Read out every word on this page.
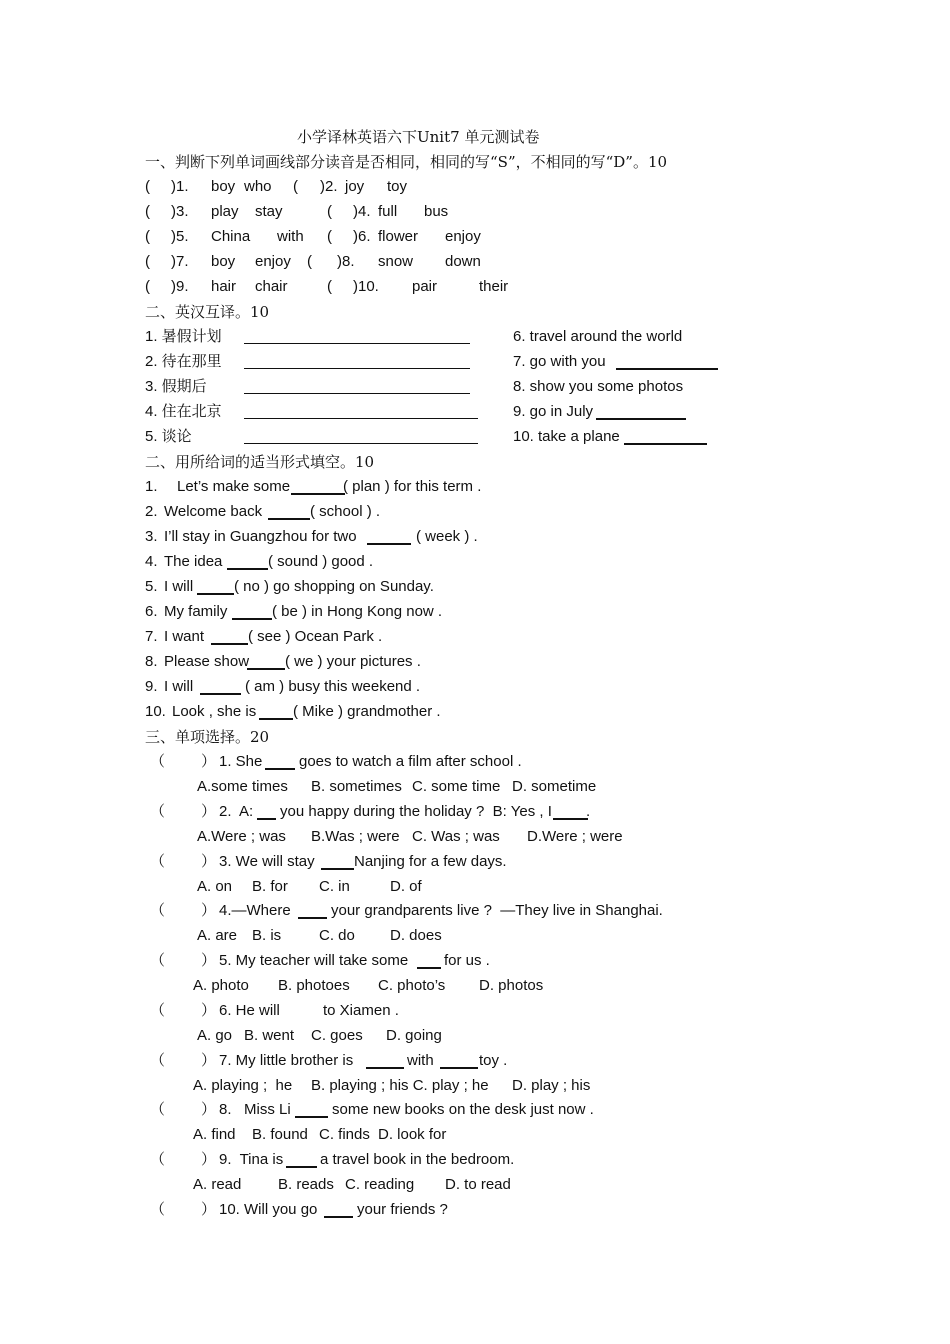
小学译林英语六下Unit7 单元测试卷
一、判断下列单词画线部分读音是否相同，相同的写“S”，不相同的写“D”。10
( )1. boy who ( )2. joy toy
( )3. play stay	( )4. full bus
( )5. China with ( )6. flower enjoy
( )7. boy enjoy ( )8. snow down
( )9. hair chair	( )10. pair	their
二、英汉互译。10
1. 暑假计划	6. travel around the world
2. 待在那里	7. go with you
3. 假期后	8. show you some photos
4. 住在北京	9. go in July
5. 谈论	10. take a plane
二、用所给词的适当形式填空。10
1. Let’s make some	( plan ) for this term .
2. Welcome back	( school ) .
3. I’ll stay in Guangzhou for two	( week ) .
4. The idea	( sound ) good .
5. I will	( no ) go shopping on Sunday.
6. My family	( be ) in Hong Kong now .
7. I want	( see ) Ocean Park .
8. Please show ( we ) your pictures .
9. I will	( am ) busy this weekend .
10. Look , she is ( Mike ) grandmother .
三、单项选择。20
（ ） 1. She goes to watch a film after school .
A.some times B. sometimes C. some time D. sometime
（ ） 2.  A: you happy during the holiday ?  B: Yes , I .
A.Were ; was B.Was ; were C. Was ; was D.Were ; were
（ ） 3. We will stay	Nanjing for a few days.
A. on B. for C. in	D. of
（ ） 4.—Where	your grandparents live ?  —They live in Shanghai.
A. are B. is	C. do D. does
（ ） 5. My teacher will take some for us .
A. photo B. photoes C. photo’s D. photos
（ ） 6. He will	to Xiamen .
A. go B. went C. goes D. going
（ ） 7. My little brother is	with	toy .
A. playing ;  he B. playing ; his C. play ; he D. play ; his
（ ） 8.   Miss Li	some new books on the desk just now .
A. find B. found C. finds D. look for
（ ） 9.  Tina is a travel book in the bedroom.
A. read B. reads C. reading D. to read
（ ） 10. Will you go	your friends ?
